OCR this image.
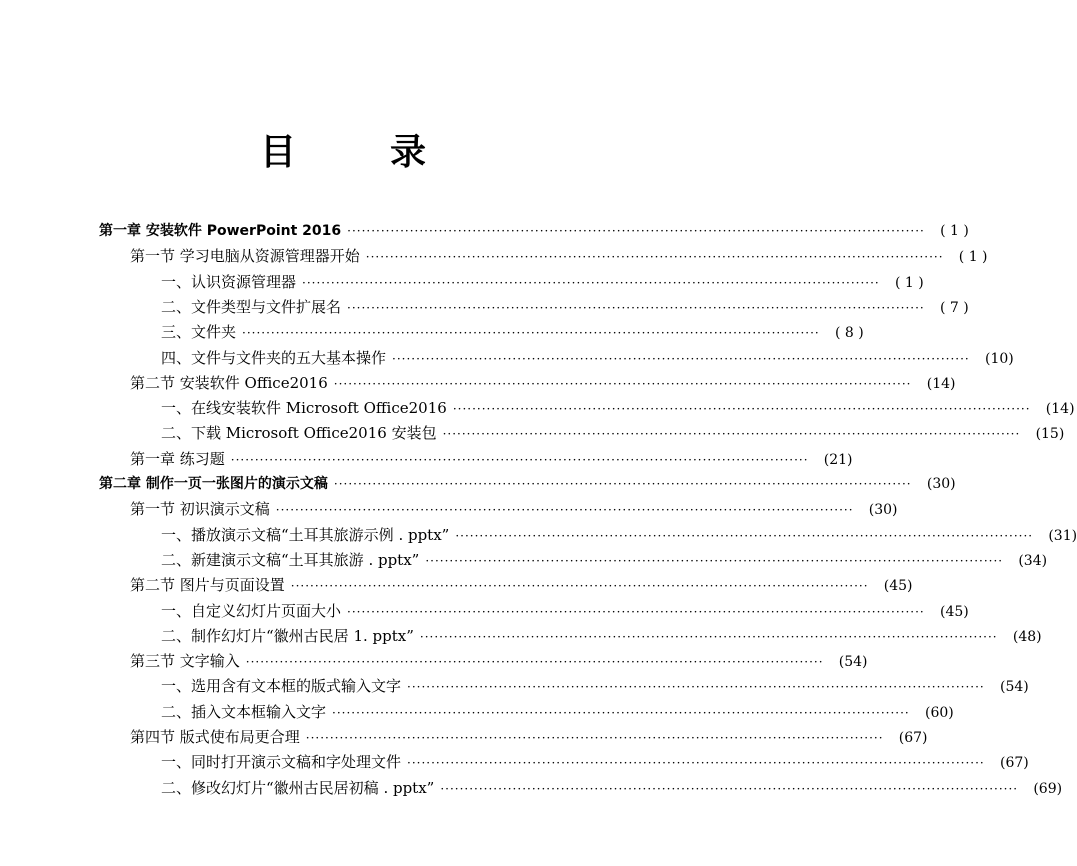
目	录
第一章 安装软件 PowerPoint 2016 ························································································································	( 1 )
第一节 学习电脑从资源管理器开始 ························································································································	( 1 )
一、认识资源管理器 ························································································································	( 1 )
二、文件类型与文件扩展名 ························································································································	( 7 )
三、文件夹 ························································································································	( 8 )
四、文件与文件夹的五大基本操作 ························································································································	(10)
第二节 安装软件 Office2016 ························································································································	(14)
一、在线安装软件 Microsoft Office2016 ························································································································	(14)
二、下载 Microsoft Office2016 安装包 ························································································································	(15)
第一章 练习题 ························································································································	(21)
第二章 制作一页一张图片的演示文稿 ························································································································	(30)
第一节 初识演示文稿 ························································································································	(30)
一、播放演示文稿“土耳其旅游示例 . pptx” ························································································································	(31)
二、新建演示文稿“土耳其旅游 . pptx” ························································································································	(34)
第二节 图片与页面设置 ························································································································	(45)
一、自定义幻灯片页面大小 ························································································································	(45)
二、制作幻灯片“徽州古民居 1. pptx” ························································································································	(48)
第三节 文字输入 ························································································································	(54)
一、选用含有文本框的版式输入文字 ························································································································	(54)
二、插入文本框输入文字 ························································································································	(60)
第四节 版式使布局更合理 ························································································································	(67)
一、同时打开演示文稿和字处理文件 ························································································································	(67)
二、修改幻灯片“徽州古民居初稿 . pptx” ························································································································	(69)
